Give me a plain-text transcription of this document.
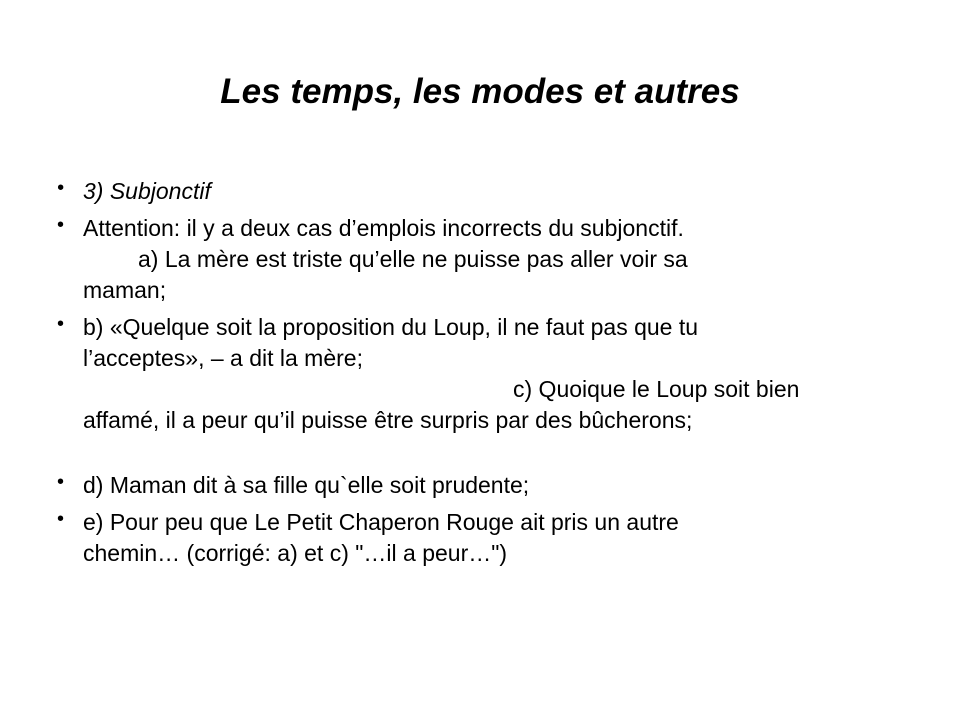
Les temps, les modes et autres
• 3) Subjonctif
• Attention: il y a deux cas d’emplois incorrects du subjonctif.
a) La mère est triste qu’elle ne puisse pas aller voir sa
maman;
• b) «Quelque soit la proposition du Loup, il ne faut pas que tu
l’acceptes», – a dit la mère;
c) Quoique le Loup soit bien
affamé, il a peur qu’il puisse être surpris par des bûcherons;
• d) Maman dit à sa fille qu`elle soit prudente;
• e) Pour peu que Le Petit Chaperon Rouge ait pris un autre
chemin… (corrigé: a) et c) "…il a peur…")
